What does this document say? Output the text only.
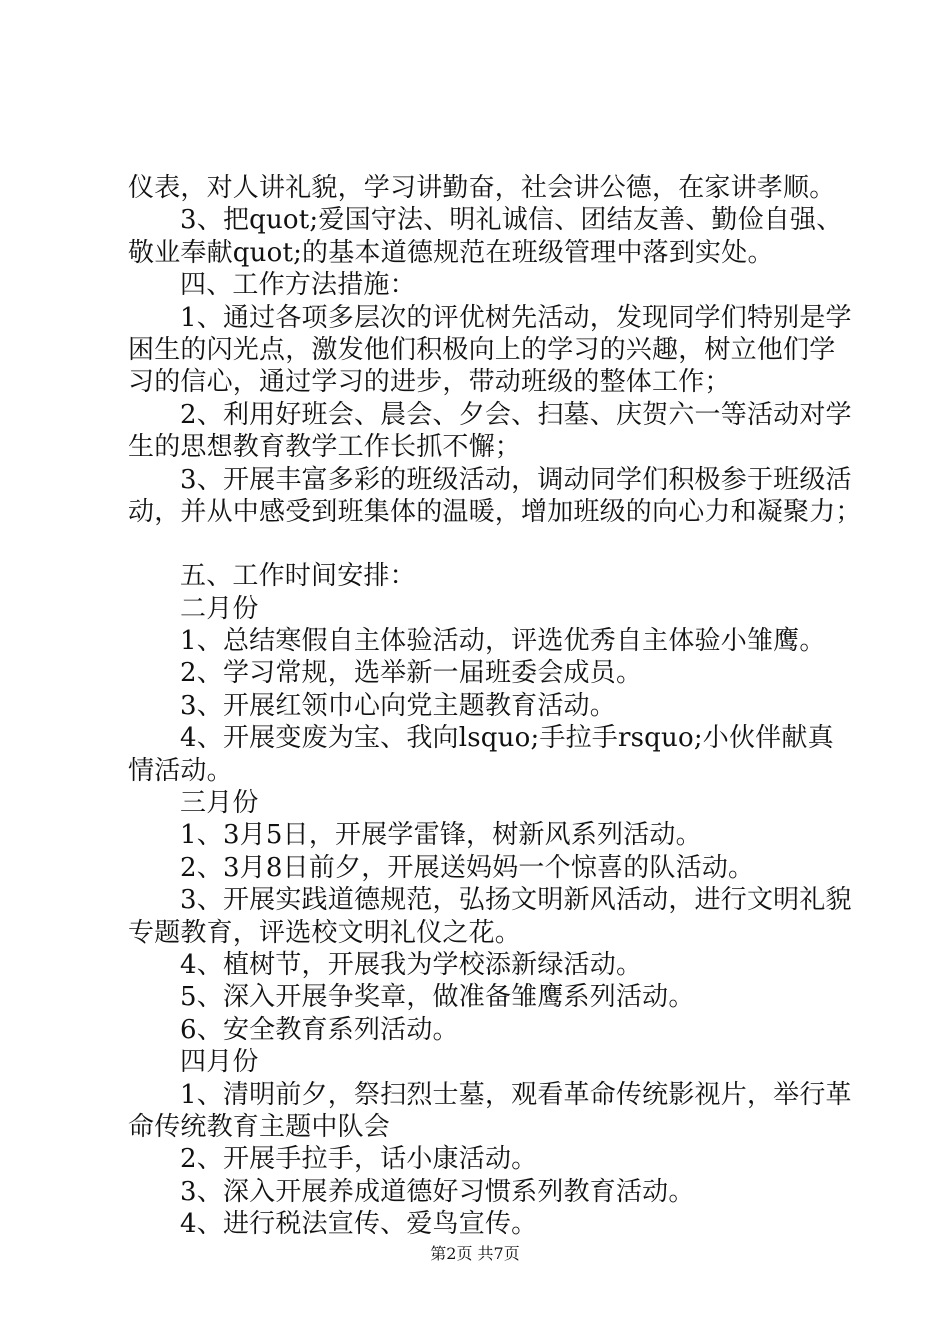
仪表，对人讲礼貌，学习讲勤奋，社会讲公德，在家讲孝顺。
3、把quot;爱国守法、明礼诚信、团结友善、勤俭自强、
敬业奉献quot;的基本道德规范在班级管理中落到实处。
四、工作方法措施：
1、通过各项多层次的评优树先活动，发现同学们特别是学
困生的闪光点，激发他们积极向上的学习的兴趣，树立他们学
习的信心，通过学习的进步，带动班级的整体工作；
2、利用好班会、晨会、夕会、扫墓、庆贺六一等活动对学
生的思想教育教学工作长抓不懈；
3、开展丰富多彩的班级活动，调动同学们积极参于班级活
动，并从中感受到班集体的温暖，增加班级的向心力和凝聚力；
五、工作时间安排：
二月份
1、总结寒假自主体验活动，评选优秀自主体验小雏鹰。
2、学习常规，选举新一届班委会成员。
3、开展红领巾心向党主题教育活动。
4、开展变废为宝、我向lsquo;手拉手rsquo;小伙伴献真
情活动。
三月份
1、3月5日，开展学雷锋，树新风系列活动。
2、3月8日前夕，开展送妈妈一个惊喜的队活动。
3、开展实践道德规范，弘扬文明新风活动，进行文明礼貌
专题教育，评选校文明礼仪之花。
4、植树节，开展我为学校添新绿活动。
5、深入开展争奖章，做准备雏鹰系列活动。
6、安全教育系列活动。
四月份
1、清明前夕，祭扫烈士墓，观看革命传统影视片，举行革
命传统教育主题中队会
2、开展手拉手，话小康活动。
3、深入开展养成道德好习惯系列教育活动。
4、进行税法宣传、爱鸟宣传。
第2页 共7页
